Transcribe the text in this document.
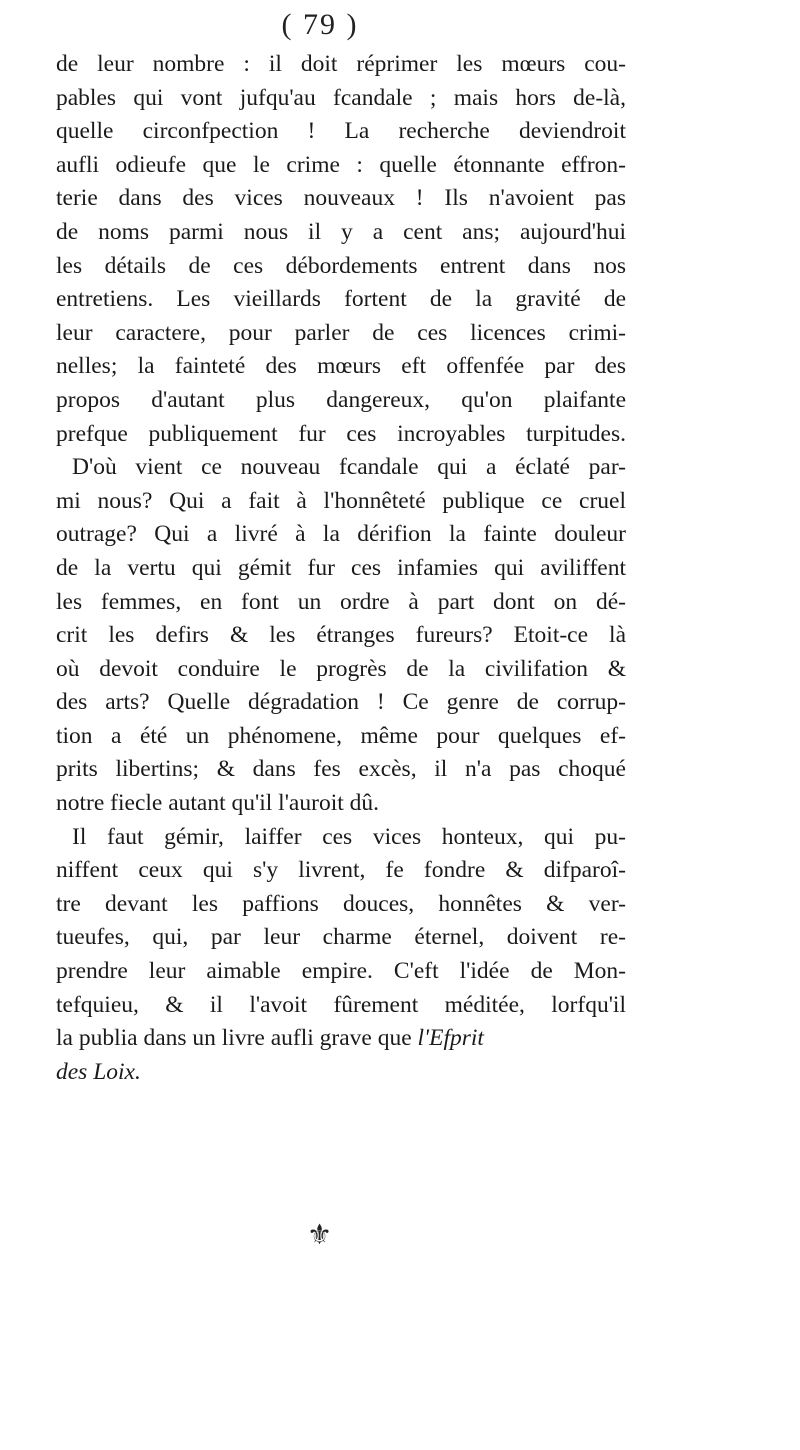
( 79 )
de leur nombre : il doit réprimer les mœurs cou-
pables qui vont jufqu'au fcandale ; mais hors de-là,
quelle circonfpection ! La recherche deviendroit
aufli odieufe que le crime : quelle étonnante effron-
terie dans des vices nouveaux ! Ils n'avoient pas
de noms parmi nous il y a cent ans; aujourd'hui
les détails de ces débordements entrent dans nos
entretiens. Les vieillards fortent de la gravité de
leur caractere, pour parler de ces licences crimi-
nelles; la fainteté des mœurs eft offenfée par des
propos d'autant plus dangereux, qu'on plaifante
prefque publiquement fur ces incroyables turpitudes.
D'où vient ce nouveau fcandale qui a éclaté par-
mi nous? Qui a fait à l'honnêteté publique ce cruel
outrage? Qui a livré à la dérifion la fainte douleur
de la vertu qui gémit fur ces infamies qui aviliffent
les femmes, en font un ordre à part dont on dé-
crit les defirs & les étranges fureurs? Etoit-ce là
où devoit conduire le progrès de la civilifation &
des arts? Quelle dégradation ! Ce genre de corrup-
tion a été un phénomene, même pour quelques ef-
prits libertins; & dans fes excès, il n'a pas choqué
notre fiecle autant qu'il l'auroit dû.
Il faut gémir, laiffer ces vices honteux, qui pu-
niffent ceux qui s'y livrent, fe fondre & difparoî-
tre devant les paffions douces, honnêtes & ver-
tueufes, qui, par leur charme éternel, doivent re-
prendre leur aimable empire. C'eft l'idée de Mon-
tefquieu, & il l'avoit fûrement méditée, lorfqu'il
la publia dans un livre aufli grave que l'Efprit
des Loix.
⚜
